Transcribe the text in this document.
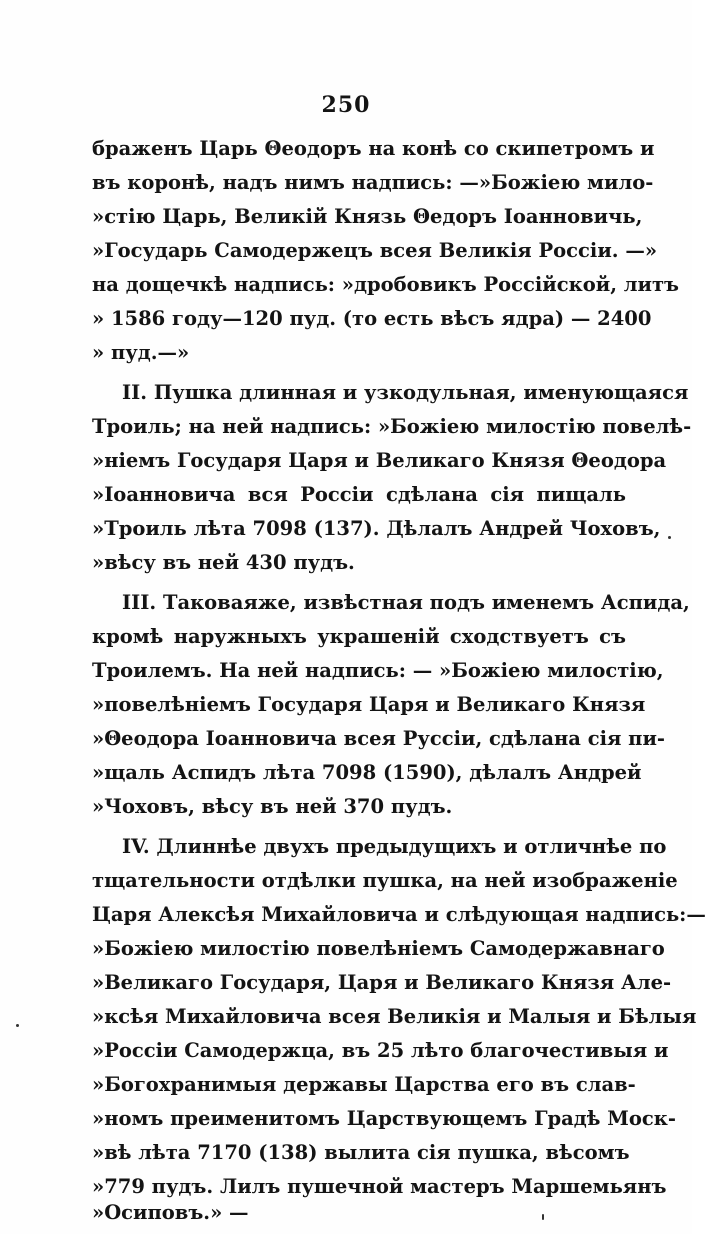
250
браженъ Царь Θеодоръ на конѣ со скипетромъ и
въ коронѣ, надъ нимъ надпись: —»Божiею мило-
»стiю Царь, Великiй Князь Θедоръ Iоанновичь,
»Государь Самодержецъ всея Великiя Россiи. —»
на дощечкѣ надпись: »дробовикъ Россiйской, литъ
» 1586 году—120 пуд. (то есть вѣсъ ядра) — 2400
» пуд.—»
II. Пушка длинная и узкодульная, именующаяся
Троиль; на ней надпись: »Божiею милостiю повелѣ-
»нiемъ Государя Царя и Великаго Князя Θеодора
»Iоанновича вся Россiи сдѣлана сiя пищаль
»Троиль лѣта 7098 (137). Дѣлалъ Андрей Чоховъ,
»вѣсу въ ней 430 пудъ.
III. Таковаяже, извѣстная подъ именемъ Аспида,
кромѣ наружныхъ украшенiй сходствуетъ съ
Троилемъ. На ней надпись: — »Божiею милостiю,
»повелѣнiемъ Государя Царя и Великаго Князя
»Θеодора Iоанновича всея Руссiи, сдѣлана сiя пи-
»щаль Аспидъ лѣта 7098 (1590), дѣлалъ Андрей
»Чоховъ, вѣсу въ ней 370 пудъ.
IV. Длиннѣе двухъ предыдущихъ и отличнѣе по
тщательности отдѣлки пушка, на ней изображенiе
Царя Алексѣя Михайловича и слѣдующая надпись:—
»Божiею милостiю повелѣнiемъ Самодержавнаго
»Великаго Государя, Царя и Великаго Князя Але-
»ксѣя Михайловича всея Великiя и Малыя и Бѣлыя
»Россiи Самодержца, въ 25 лѣто благочестивыя и
»Богохранимыя державы Царства его въ слав-
»номъ преименитомъ Царствующемъ Градѣ Моск-
»вѣ лѣта 7170 (138) вылита сiя пушка, вѣсомъ
»779 пудъ. Лилъ пушечной мастеръ Маршемьянъ
»Осиповъ.» —
